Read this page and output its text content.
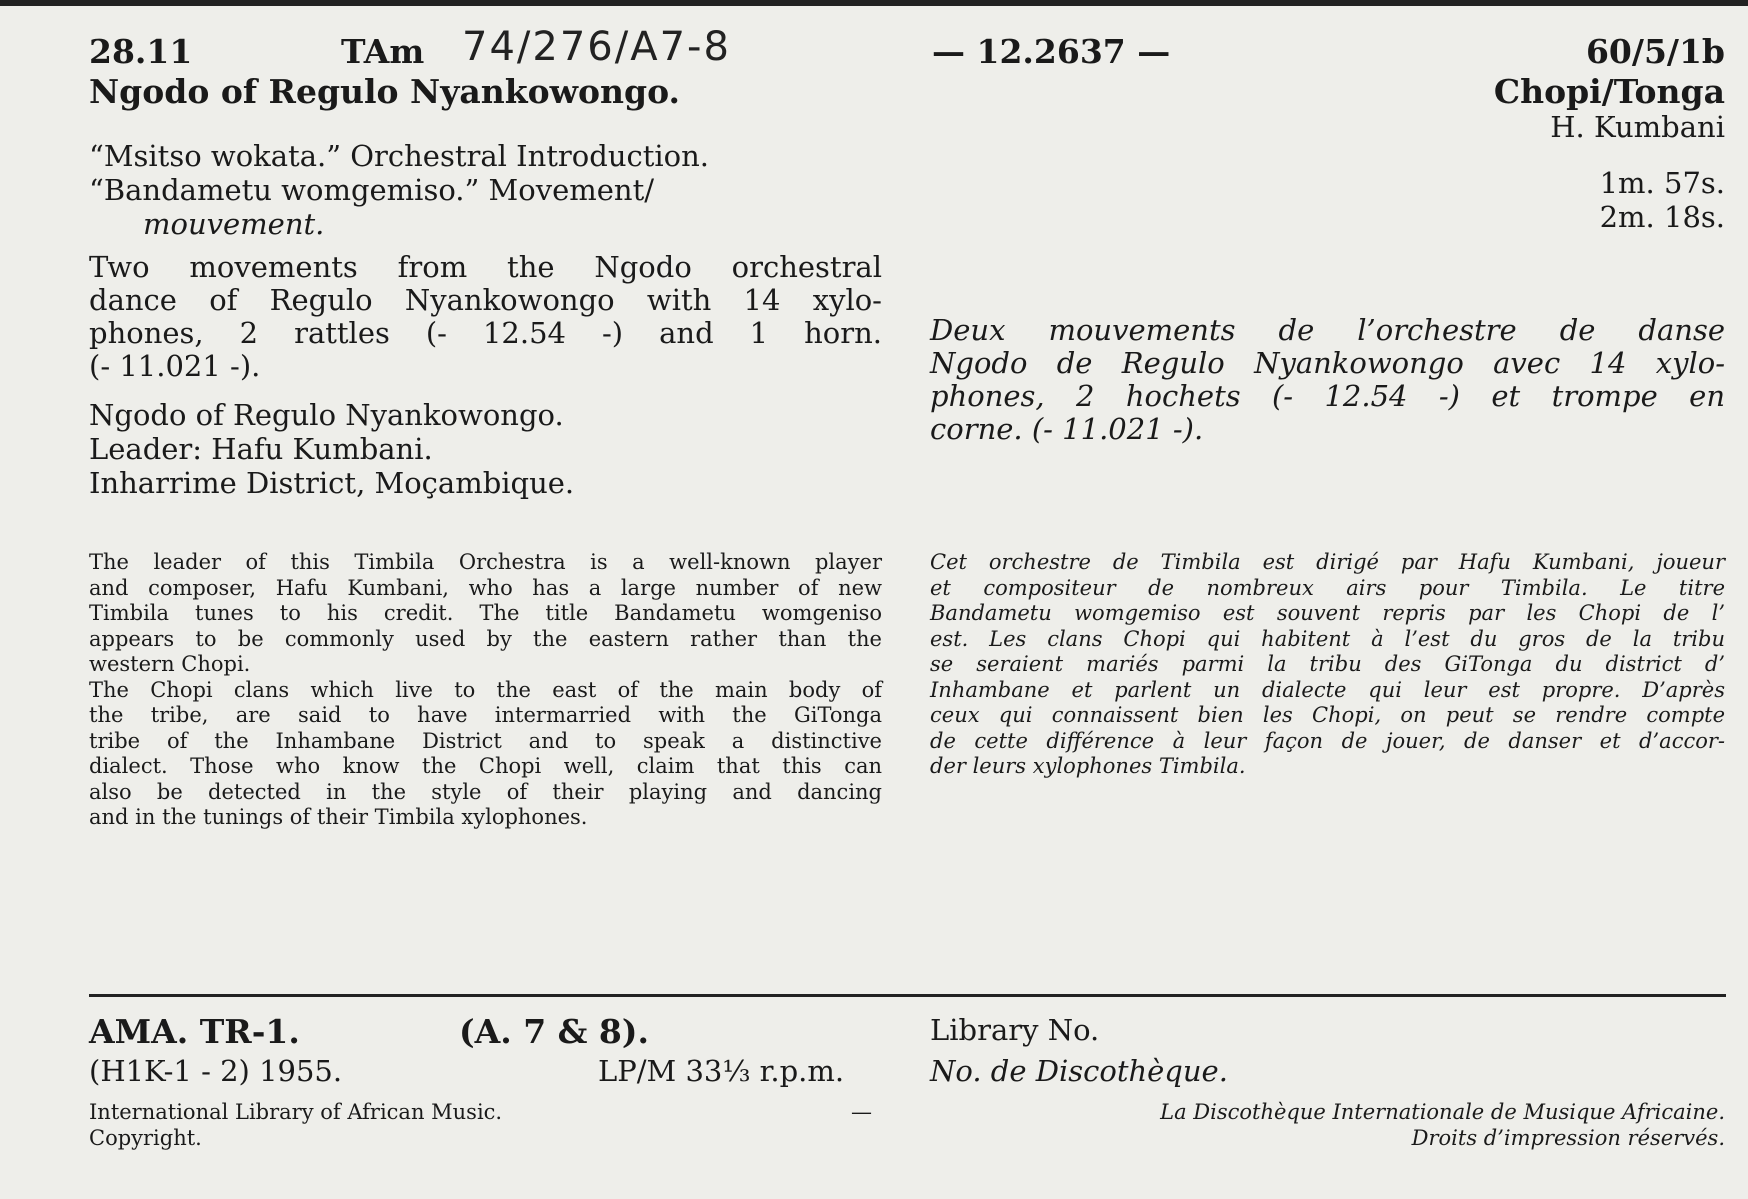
28.11	TAm 74/276/A7-8	— 12.2637 —	60/5/1b
Ngodo of Regulo Nyankowongo.	Chopi/Tonga
H. Kumbani
“Msitso wokata.” Orchestral Introduction.
“Bandametu womgemiso.” Movement/
mouvement.
1m. 57s.
2m. 18s.
Two movements from the Ngodo orchestral
dance of Regulo Nyankowongo with 14 xylo-
phones, 2 rattles (- 12.54 -) and 1 horn.
(- 11.021 -).
Ngodo of Regulo Nyankowongo.
Leader: Hafu Kumbani.
Inharrime District, Moçambique.
Deux mouvements de l’orchestre de danse
Ngodo de Regulo Nyankowongo avec 14 xylo-
phones, 2 hochets (- 12.54 -) et trompe en
corne. (- 11.021 -).
The leader of this Timbila Orchestra is a well-known player
and composer, Hafu Kumbani, who has a large number of new
Timbila tunes to his credit. The title Bandametu womgeniso
appears to be commonly used by the eastern rather than the
western Chopi.
The Chopi clans which live to the east of the main body of
the tribe, are said to have intermarried with the GiTonga
tribe of the Inhambane District and to speak a distinctive
dialect. Those who know the Chopi well, claim that this can
also be detected in the style of their playing and dancing
and in the tunings of their Timbila xylophones.
Cet orchestre de Timbila est dirigé par Hafu Kumbani, joueur
et compositeur de nombreux airs pour Timbila. Le titre
Bandametu womgemiso est souvent repris par les Chopi de l’
est. Les clans Chopi qui habitent à l’est du gros de la tribu
se seraient mariés parmi la tribu des GiTonga du district d’
Inhambane et parlent un dialecte qui leur est propre. D’après
ceux qui connaissent bien les Chopi, on peut se rendre compte
de cette différence à leur façon de jouer, de danser et d’accor-
der leurs xylophones Timbila.
AMA. TR-1.	(A. 7 & 8).
(H1K-1 - 2) 1955.	LP/M 33⅓ r.p.m.
Library No.
No. de Discothèque.
International Library of African Music.	—
Copyright.
La Discothèque Internationale de Musique Africaine.
Droits d’impression réservés.
